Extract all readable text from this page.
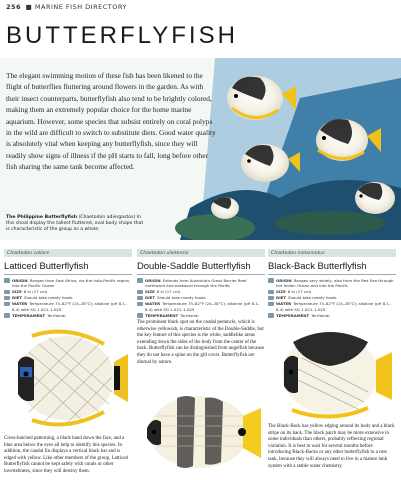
256 ■ MARINE FISH DIRECTORY
BUTTERFLYFISH

The elegant swimming motion of these fish has been likened to the flight of butterflies fluttering around flowers in the garden. As with their insect counterparts, butterflyfish also tend to be brightly colored, making them an extremely popular choice for the home marine aquarium. However, some species that subsist entirely on coral polyps in the wild are difficult to switch to substitute diets. Good water quality is absolutely vital when keeping any butterflyfish, since they will readily show signs of illness if the pH starts to fall, long before other fish sharing the same tank become affected.

The Philippine Butterflyfish (Chaetodon adiergastos) In this shoal display the tallest fluttered, oval body shape that is characteristic of the group as a whole.

Chaetodon collare
Latticed Butterflyfish
ORIGIN Ranges from East Africa, via the Indo-Pacific region, into the Pacific Ocean
SIZE 6 in (17 cm)
DIET Should take meaty foods
WATER Temperature 75–82°F (24–28°C); alkaline (pH 8.1–8.4) with SG 1.021–1.025
TEMPERAMENT Territorial
Chaetodon ulietensis
Double-Saddle Butterflyfish
ORIGIN Extends from Australia's Great Barrier Reef northward and eastward through the Pacific
SIZE 6 in (17 cm)
DIET Should take meaty foods
WATER Temperature 75–82°F (24–28°C); alkaline (pH 8.1–8.4) with SG 1.021–1.025
TEMPERAMENT Territorial
Chaetodon melannotus
Black-Back Butterflyfish
ORIGIN Ranges very widely, also from the Red Sea through the Indian Ocean and into the Pacific
SIZE 6 in (17 cm)
DIET Should take meaty foods
WATER Temperature 75–82°F (24–28°C); alkaline (pH 8.1–8.4) with SG 1.021–1.025
TEMPERAMENT Territorial

Cross-hatched patterning, a black band down the face, and a blue area below the eyes all help to identify this species. In addition, the caudal fin displays a vertical black bar and is edged with yellow. Like other members of the group, Latticed Butterflyfish cannot be kept safely with corals or other invertebrates, since they will destroy them.

The prominent black spot on the caudal peduncle, which is otherwise yellowish, is characteristic of the Double-Saddle, but the key feature of this species is the white, saddlelike areas extending down the sides of the body from the center of the back. Butterflyfish can be distinguished from angelfish because they do not have a spine on the gill cover. Butterflyfish are diurnal by nature.

The Black-Back has yellow edging around its body and a black stripe on its back. The black patch may be more extensive in some individuals than others, probably reflecting regional variation. It is best to wait for several months before introducing Black-Backs or any other butterflyfish to a new tank, because they will always need to live in a mature tank system with a stable water chemistry.
